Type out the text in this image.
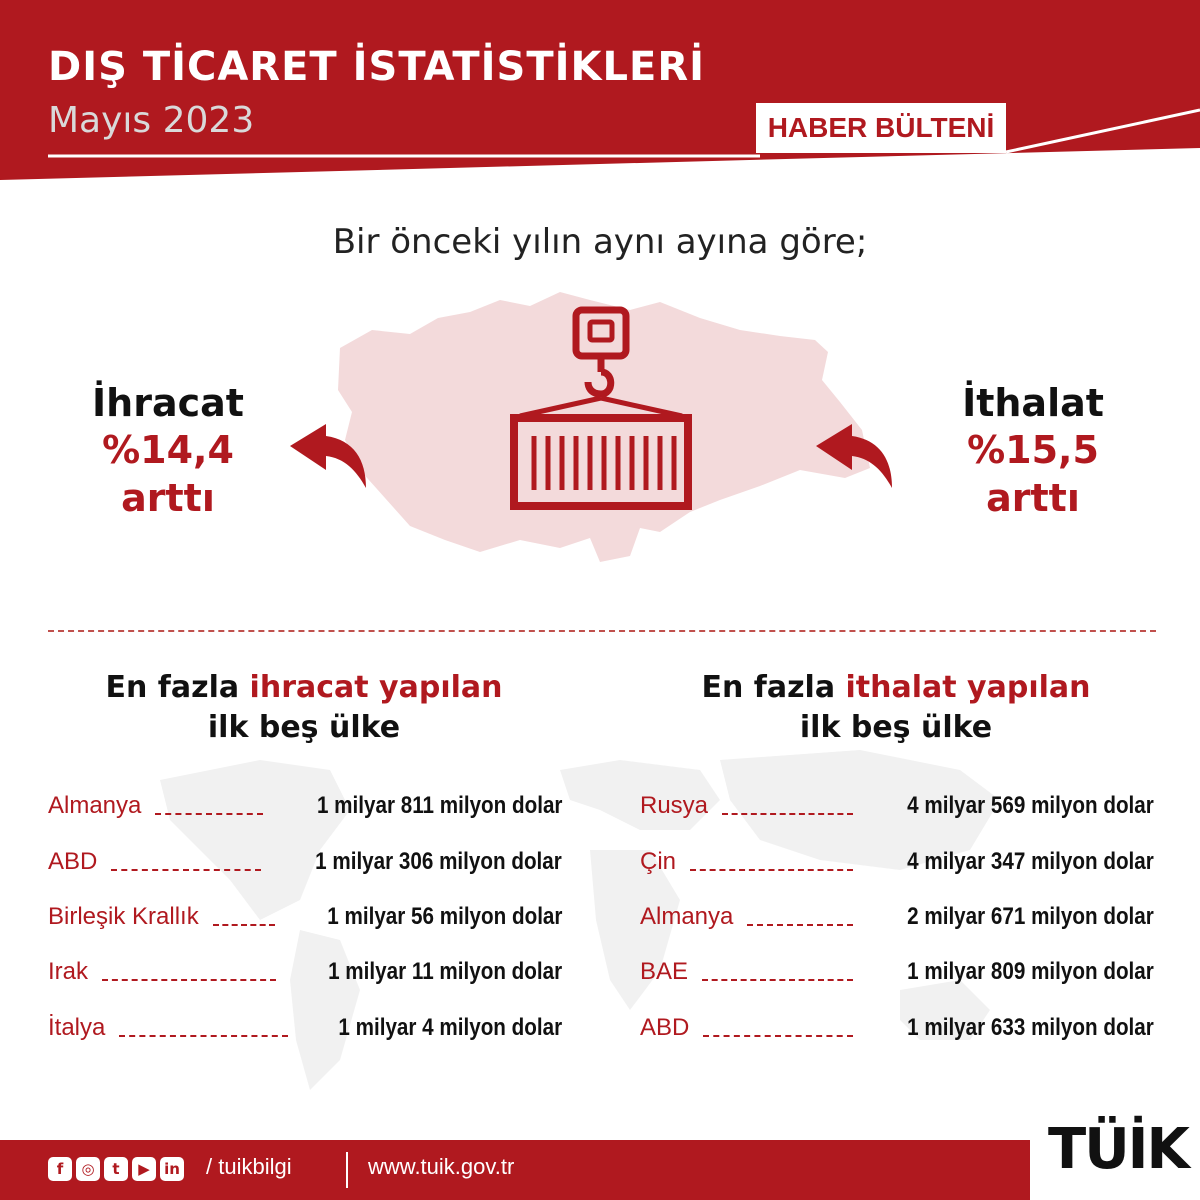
DIŞ TİCARET İSTATİSTİKLERİ
Mayıs 2023	HABER BÜLTENİ
Bir önceki yılın aynı ayına göre;
İhracat
%14,4
arttı
İthalat
%15,5
arttı
En fazla ihracat yapılan
ilk beş ülke
Almanya	1 milyar 811 milyon dolar
ABD	1 milyar 306 milyon dolar
Birleşik Krallık	1 milyar 56 milyon dolar
Irak	1 milyar 11 milyon dolar
İtalya	1 milyar 4 milyon dolar
En fazla ithalat yapılan
ilk beş ülke
Rusya	4 milyar 569 milyon dolar
Çin	4 milyar 347 milyon dolar
Almanya	2 milyar 671 milyon dolar
BAE	1 milyar 809 milyon dolar
ABD	1 milyar 633 milyon dolar
f	◎	t	▶ in / tuikbilgi	www.tuik.gov.tr	TÜİK
